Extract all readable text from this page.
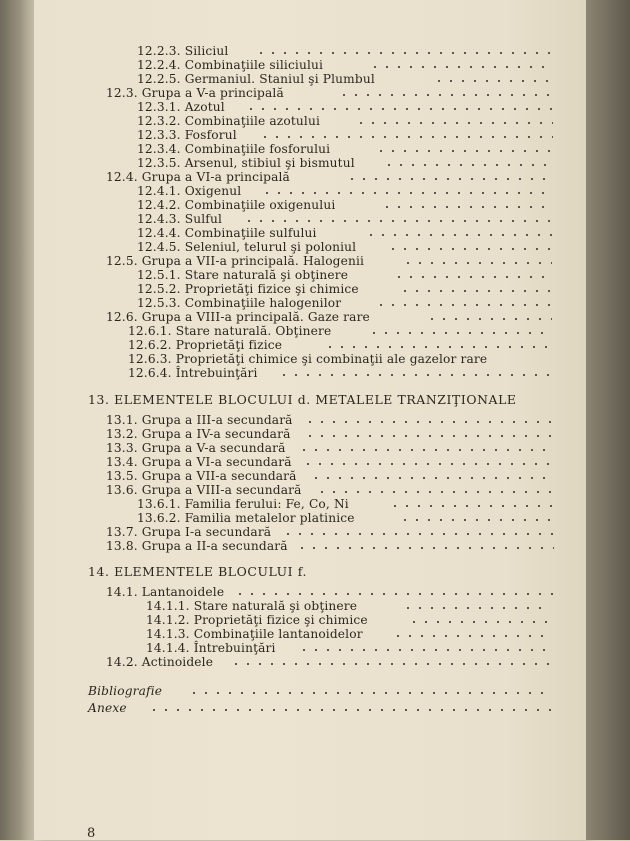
12.2.3. Siliciul
12.2.4. Combinaţiile siliciului
12.2.5. Germaniul. Staniul şi Plumbul
12.3. Grupa a V-a principală
12.3.1. Azotul
12.3.2. Combinaţiile azotului
12.3.3. Fosforul
12.3.4. Combinaţiile fosforului
12.3.5. Arsenul, stibiul şi bismutul
12.4. Grupa a VI-a principală
12.4.1. Oxigenul
12.4.2. Combinaţiile oxigenului
12.4.3. Sulful
12.4.4. Combinaţiile sulfului
12.4.5. Seleniul, telurul şi poloniul
12.5. Grupa a VII-a principală. Halogenii
12.5.1. Stare naturală şi obţinere
12.5.2. Proprietăţi fizice şi chimice
12.5.3. Combinaţiile halogenilor
12.6. Grupa a VIII-a principală. Gaze rare
12.6.1. Stare naturală. Obţinere
12.6.2. Proprietăţi fizice
12.6.3. Proprietăţi chimice şi combinaţii ale gazelor rare
12.6.4. Întrebuinţări
13. ELEMENTELE BLOCULUI d. METALELE TRANZIŢIONALE
13.1. Grupa a III-a secundară
13.2. Grupa a IV-a secundară
13.3. Grupa a V-a secundară
13.4. Grupa a VI-a secundară
13.5. Grupa a VII-a secundară
13.6. Grupa a VIII-a secundară
13.6.1. Familia ferului: Fe, Co, Ni
13.6.2. Familia metalelor platinice
13.7. Grupa I-a secundară
13.8. Grupa a II-a secundară
14. ELEMENTELE BLOCULUI f.
14.1. Lantanoidele
14.1.1. Stare naturală şi obţinere
14.1.2. Proprietăţi fizice şi chimice
14.1.3. Combinaţiile lantanoidelor
14.1.4. Întrebuinţări
14.2. Actinoidele
Bibliografie
Anexe
8
